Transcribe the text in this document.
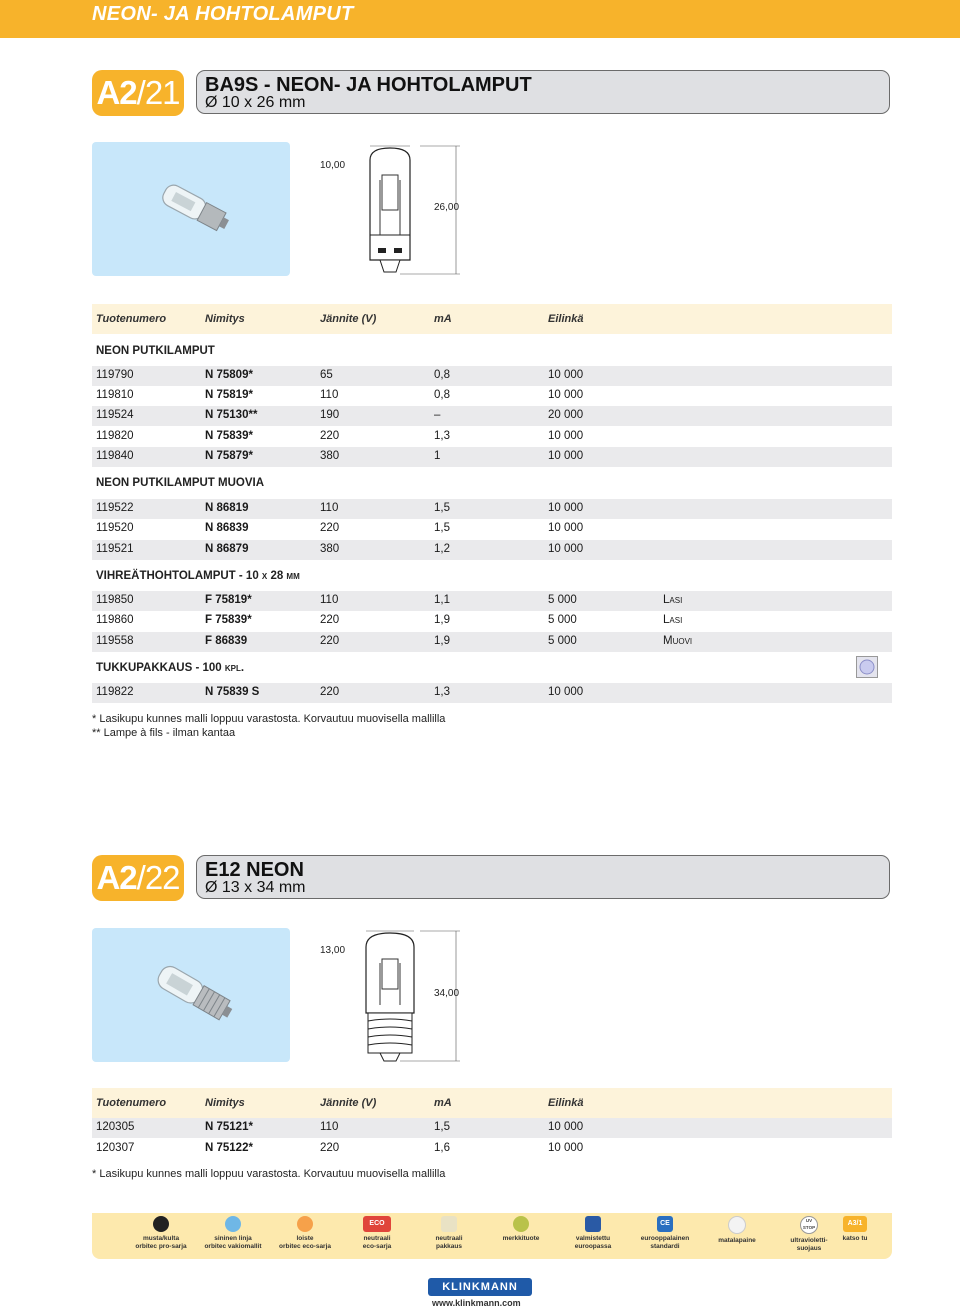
NEON- JA HOHTOLAMPUT
A2/21 BA9S - NEON- JA HOHTOLAMPUT
Ø 10 x 26 mm
10,00
26,00
Tuotenumero	Nimitys	Jännite (V)	mA	Eilinkä
NEON PUTKILAMPUT
119790	N 75809*	65	0,8	10 000
119810	N 75819*	110	0,8	10 000
119524	N 75130**	190	–	20 000
119820	N 75839*	220	1,3	10 000
119840	N 75879*	380	1	10 000
NEON PUTKILAMPUT MUOVIA
119522	N 86819	110	1,5	10 000
119520	N 86839	220	1,5	10 000
119521	N 86879	380	1,2	10 000
VIHREÄTHOHTOLAMPUT - 10 x 28 mm
119850	F 75819*	110	1,1	5 000	Lasi
119860	F 75839*	220	1,9	5 000	Lasi
119558	F 86839	220	1,9	5 000	Muovi
TUKKUPAKKAUS - 100 kpl.
119822	N 75839 S	220	1,3	10 000
* Lasikupu kunnes malli loppuu varastosta. Korvautuu muovisella mallilla
** Lampe à fils - ilman kantaa
A2/22 E12 NEON
Ø 13 x 34 mm
13,00
34,00
Tuotenumero	Nimitys	Jännite (V)	mA	Eilinkä
120305	N 75121*	110	1,5	10 000
120307	N 75122*	220	1,6	10 000
* Lasikupu kunnes malli loppuu varastosta. Korvautuu muovisella mallilla
musta/kulta
orbitec pro-sarja
sininen linja
orbitec vakiomallit
loiste
orbitec eco-sarja
ECO
neutraali
eco-sarja
neutraali
pakkaus
merkkituote	valmistettu
euroopassa
CE
eurooppalainen
standardi
matalapaine

UV STOP
ultravioletti-
suojaus
A3/1
katso tu

KLINKMANN
www.klinkmann.com
